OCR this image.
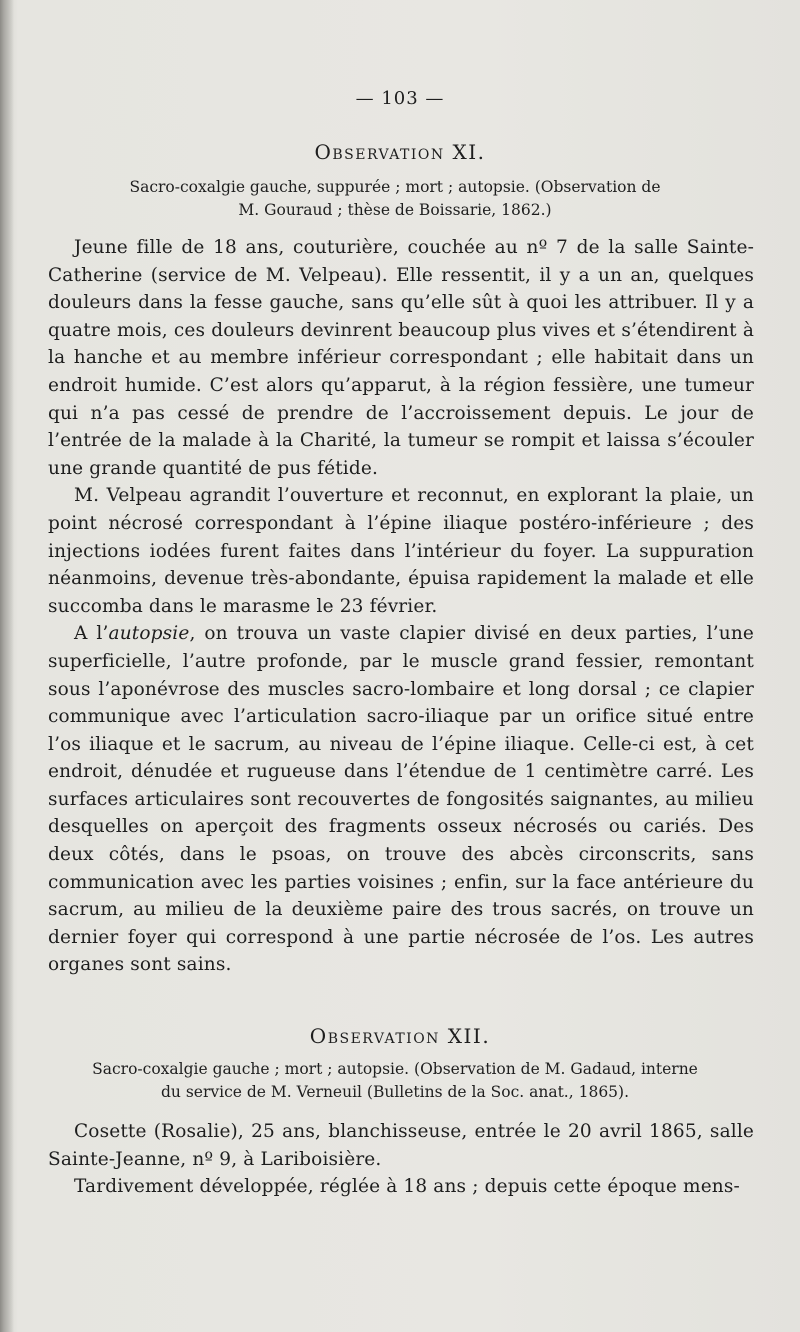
— 103 —
Observation XI.
Sacro-coxalgie gauche, suppurée ; mort ; autopsie. (Observation de
M. Gouraud ; thèse de Boissarie, 1862.)

Jeune fille de 18 ans, couturière, couchée au nº 7 de la salle Sainte-Catherine (service de M. Velpeau). Elle ressentit, il y a un an, quelques douleurs dans la fesse gauche, sans qu’elle sût à quoi les attribuer. Il y a quatre mois, ces douleurs devinrent beaucoup plus vives et s’étendirent à la hanche et au membre inférieur correspondant ; elle habitait dans un endroit humide. C’est alors qu’apparut, à la région fessière, une tumeur qui n’a pas cessé de prendre de l’accroissement depuis. Le jour de l’entrée de la malade à la Charité, la tumeur se rompit et laissa s’écouler une grande quantité de pus fétide.

M. Velpeau agrandit l’ouverture et reconnut, en explorant la plaie, un point nécrosé correspondant à l’épine iliaque postéro-inférieure ; des injections iodées furent faites dans l’intérieur du foyer. La suppuration néanmoins, devenue très-abondante, épuisa rapidement la malade et elle succomba dans le marasme le 23 février.

A l’autopsie, on trouva un vaste clapier divisé en deux parties, l’une superficielle, l’autre profonde, par le muscle grand fessier, remontant sous l’aponévrose des muscles sacro-lombaire et long dorsal ; ce clapier communique avec l’articulation sacro-iliaque par un orifice situé entre l’os iliaque et le sacrum, au niveau de l’épine iliaque. Celle-ci est, à cet endroit, dénudée et rugueuse dans l’étendue de 1 centimètre carré. Les surfaces articulaires sont recouvertes de fongosités saignantes, au milieu desquelles on aperçoit des fragments osseux nécrosés ou cariés. Des deux côtés, dans le psoas, on trouve des abcès circonscrits, sans communication avec les parties voisines ; enfin, sur la face antérieure du sacrum, au milieu de la deuxième paire des trous sacrés, on trouve un dernier foyer qui correspond à une partie nécrosée de l’os. Les autres organes sont sains.

Observation XII.
Sacro-coxalgie gauche ; mort ; autopsie. (Observation de M. Gadaud, interne
du service de M. Verneuil (Bulletins de la Soc. anat., 1865).

Cosette (Rosalie), 25 ans, blanchisseuse, entrée le 20 avril 1865, salle Sainte-Jeanne, nº 9, à Lariboisière.

Tardivement développée, réglée à 18 ans ; depuis cette époque mens-
